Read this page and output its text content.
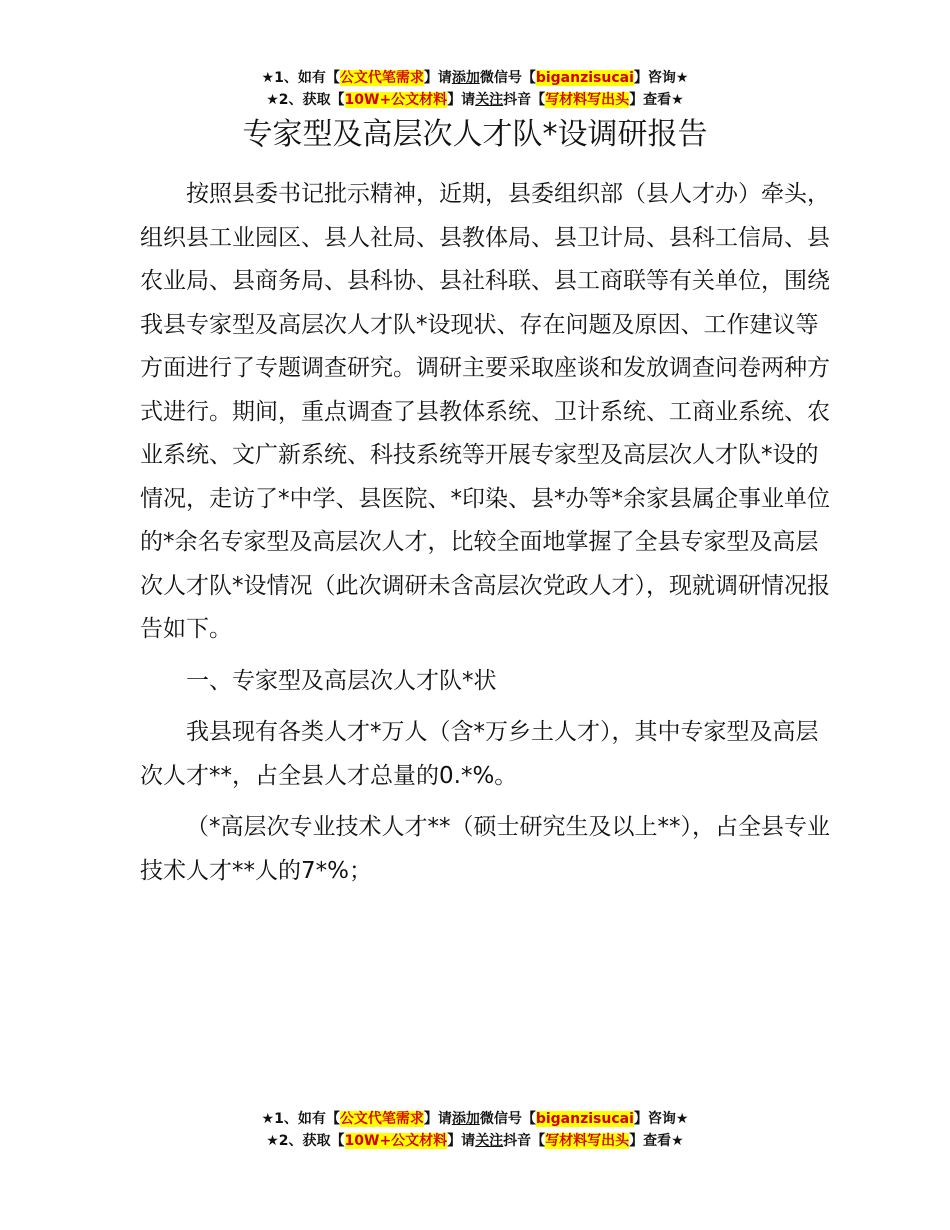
★1、如有【公文代笔需求】请添加微信号【biganzisucai】咨询★
★2、获取【10W+公文材料】请关注抖音【写材料写出头】查看★
专家型及高层次人才队*设调研报告

按照县委书记批示精神，近期，县委组织部（县人才办）牵头，组织县工业园区、县人社局、县教体局、县卫计局、县科工信局、县农业局、县商务局、县科协、县社科联、县工商联等有关单位，围绕我县专家型及高层次人才队*设现状、存在问题及原因、工作建议等方面进行了专题调查研究。调研主要采取座谈和发放调查问卷两种方式进行。期间，重点调查了县教体系统、卫计系统、工商业系统、农业系统、文广新系统、科技系统等开展专家型及高层次人才队*设的情况，走访了*中学、县医院、*印染、县*办等*余家县属企事业单位的*余名专家型及高层次人才，比较全面地掌握了全县专家型及高层次人才队*设情况（此次调研未含高层次党政人才），现就调研情况报告如下。

一、专家型及高层次人才队*状

我县现有各类人才*万人（含*万乡土人才），其中专家型及高层次人才**，占全县人才总量的0.*%。

（*高层次专业技术人才**（硕士研究生及以上**），占全县专业技术人才**人的7*%；

★1、如有【公文代笔需求】请添加微信号【biganzisucai】咨询★
★2、获取【10W+公文材料】请关注抖音【写材料写出头】查看★
